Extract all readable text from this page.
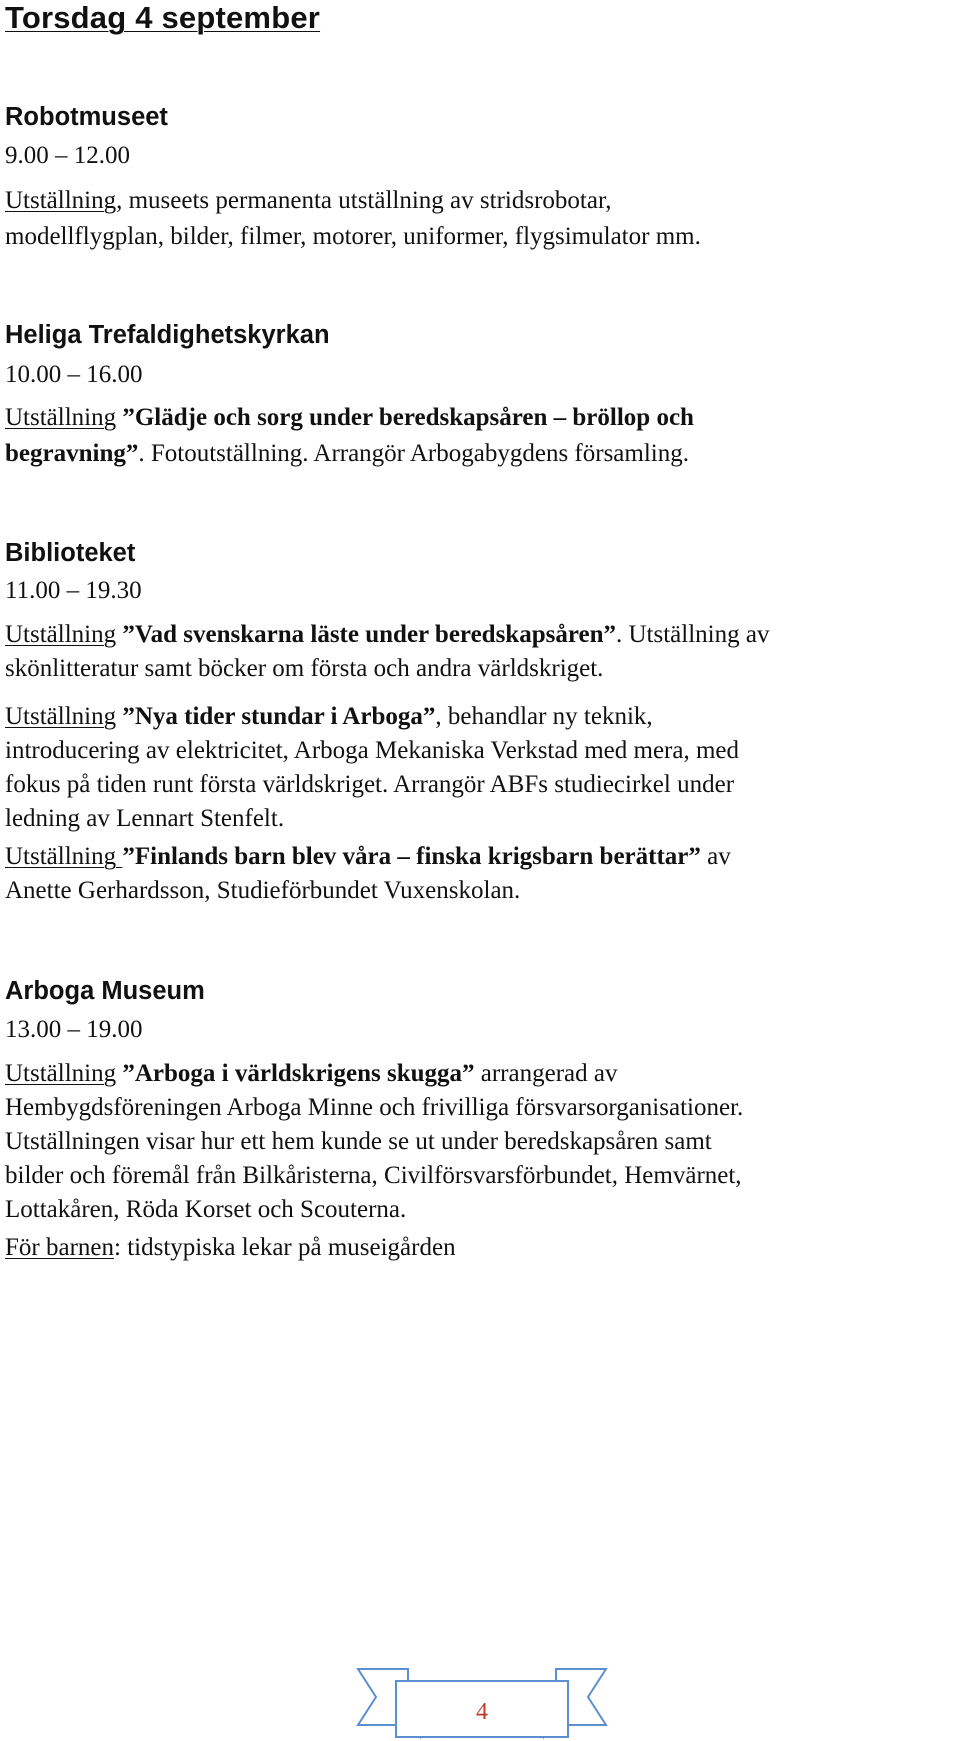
Torsdag 4 september
Robotmuseet
9.00 – 12.00
Utställning, museets permanenta utställning av stridsrobotar,
modellflygplan, bilder, filmer, motorer, uniformer, flygsimulator mm.
Heliga Trefaldighetskyrkan
10.00 – 16.00
Utställning ”Glädje och sorg under beredskapsåren – bröllop och
begravning”. Fotoutställning. Arrangör Arbogabygdens församling.
Biblioteket
11.00 – 19.30
Utställning ”Vad svenskarna läste under beredskapsåren”. Utställning av
skönlitteratur samt böcker om första och andra världskriget.
Utställning ”Nya tider stundar i Arboga”, behandlar ny teknik,
introducering av elektricitet, Arboga Mekaniska Verkstad med mera, med
fokus på tiden runt första världskriget. Arrangör ABFs studiecirkel under
ledning av Lennart Stenfelt.
Utställning ”Finlands barn blev våra – finska krigsbarn berättar” av
Anette Gerhardsson, Studieförbundet Vuxenskolan.
Arboga Museum
13.00 – 19.00
Utställning ”Arboga i världskrigens skugga” arrangerad av
Hembygdsföreningen Arboga Minne och frivilliga försvarsorganisationer.
Utställningen visar hur ett hem kunde se ut under beredskapsåren samt
bilder och föremål från Bilkåristerna, Civilförsvarsförbundet, Hemvärnet,
Lottakåren, Röda Korset och Scouterna.
För barnen: tidstypiska lekar på museigården
4
